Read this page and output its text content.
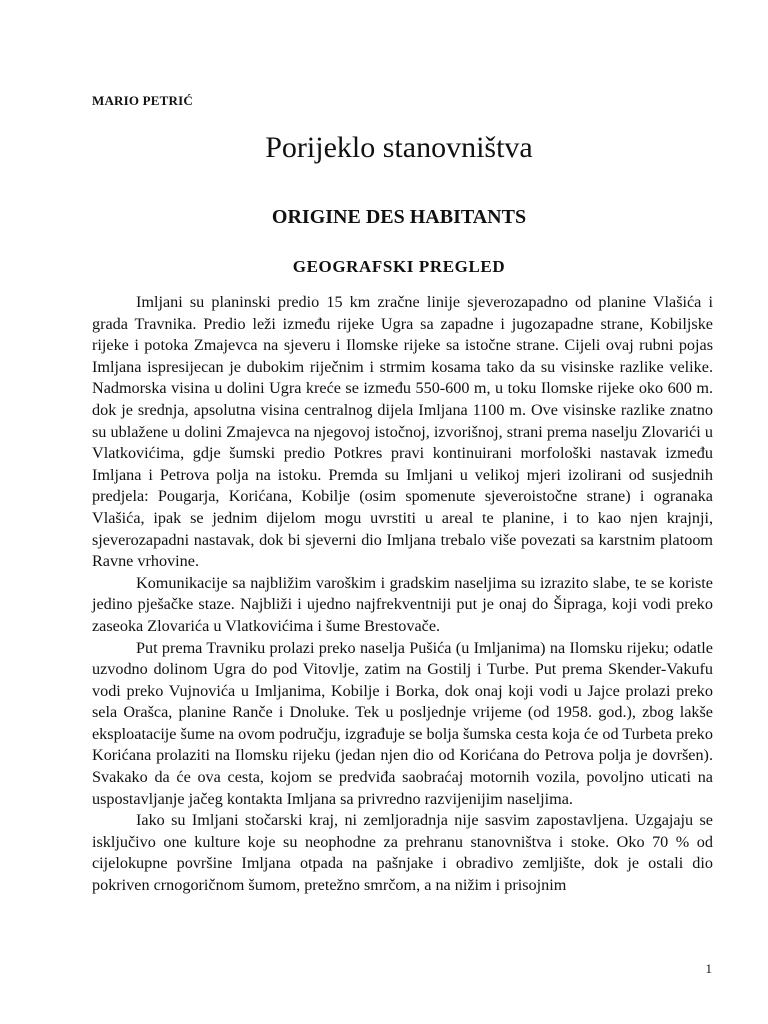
MARIO PETRIĆ
Porijeklo stanovništva
ORIGINE DES HABITANTS
GEOGRAFSKI PREGLED

Imljani su planinski predio 15 km zračne linije sjeverozapadno od planine Vlašića i grada Travnika. Predio leži između rijeke Ugra sa zapadne i jugozapadne strane, Kobiljske rijeke i potoka Zmajevca na sjeveru i Ilomske rijeke sa istočne strane. Cijeli ovaj rubni pojas Imljana ispresijecan je dubokim riječnim i strmim kosama tako da su visinske razlike velike. Nadmorska visina u dolini Ugra kreće se između 550-600 m, u toku Ilomske rijeke oko 600 m. dok je srednja, apsolutna visina centralnog dijela Imljana 1100 m. Ove visinske razlike znatno su ublažene u dolini Zmajevca na njegovoj istočnoj, izvorišnoj, strani prema naselju Zlovarići u Vlatkovićima, gdje šumski predio Potkres pravi kontinuirani morfološki nastavak između Imljana i Petrova polja na istoku. Premda su Imljani u velikoj mjeri izolirani od susjednih predjela: Pougarja, Korićana, Kobilje (osim spomenute sjeveroistočne strane) i ogranaka Vlašića, ipak se jednim dijelom mogu uvrstiti u areal te planine, i to kao njen krajnji, sjeverozapadni nastavak, dok bi sjeverni dio Imljana trebalo više povezati sa karstnim platoom Ravne vrhovine.

Komunikacije sa najbližim varoškim i gradskim naseljima su izrazito slabe, te se koriste jedino pješačke staze. Najbliži i ujedno najfrekventniji put je onaj do Šipraga, koji vodi preko zaseoka Zlovarića u Vlatkovićima i šume Brestovače.

Put prema Travniku prolazi preko naselja Pušića (u Imljanima) na Ilomsku rijeku; odatle uzvodno dolinom Ugra do pod Vitovlje, zatim na Gostilj i Turbe. Put prema Skender-Vakufu vodi preko Vujnovića u Imljanima, Kobilje i Borka, dok onaj koji vodi u Jajce prolazi preko sela Orašca, planine Ranče i Dnoluke. Tek u posljednje vrijeme (od 1958. god.), zbog lakše eksploatacije šume na ovom području, izgrađuje se bolja šumska cesta koja će od Turbeta preko Korićana prolaziti na Ilomsku rijeku (jedan njen dio od Korićana do Petrova polja je dovršen). Svakako da će ova cesta, kojom se predviđa saobraćaj motornih vozila, povoljno uticati na uspostavljanje jačeg kontakta Imljana sa privredno razvijenijim naseljima.

Iako su Imljani stočarski kraj, ni zemljoradnja nije sasvim zapostavljena. Uzgajaju se isključivo one kulture koje su neophodne za prehranu stanovništva i stoke. Oko 70 % od cijelokupne površine Imljana otpada na pašnjake i obradivo zemljište, dok je ostali dio pokriven crnogoričnom šumom, pretežno smrčom, a na nižim i prisojnim

1
